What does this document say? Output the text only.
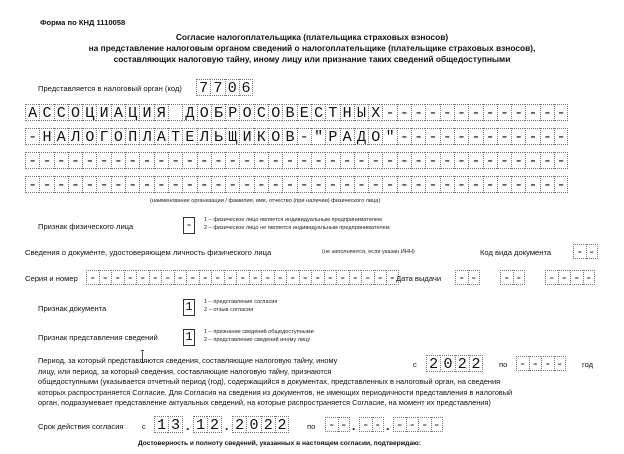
Форма по КНД 1110058
Согласие налогоплательщика (плательщика страховых взносов)
на представление налоговым органом сведений о налогоплательщике (плательщике страховых взносов),
составляющих налоговую тайну, иному лицу или признание таких сведений общедоступными
Представляется в налоговый орган (код) 7 7 0 6
А С С О Ц И А Ц И Я Д О Б Р О С О В Е С Т Н Ы Х - - - - - - - - - - - - -
- Н А Л О Г О П Л А Т Е Л Ь Щ И К О В - " Р А Д О " - - - - - - - - - - - -
- - - - - - - - - - - - - - - - - - - - - - - - - - - - - - - - - - - - - -
- - - - - - - - - - - - - - - - - - - - - - - - - - - - - - - - - - - - - -
(наименование организации / фамилия, имя, отчество (при наличии) физического лица)
Признак физического лица	-	1 – физическое лицо является индивидуальным предпринимателем
2 – физическое лицо не является индивидуальным предпринимателем
Сведения о документе, удостоверяющем личность физического лица	(не заполняются, если указан ИНН)	Код вида документа - -
Серия и номер - - - - - - - - - - - - - - - - - - - - - - - - - Дата выдачи - - - - - - - -
Признак документа	1	1 – представление согласия
2 – отзыв согласия
Признак представления сведений 1	1 – признание сведений общедоступными
2 – представление сведений иному лицу
Период, за который представляются сведения, составляющие налоговую тайну, иному
лицу, или период, за который сведения, составляющие налоговую тайну, признаются
общедоступными (указывается отчетный период (год), содержащийся в документах, представленных в налоговый орган, на сведения
которых распространяется Согласие. Для Согласия на сведения из документов, не имеющих периодичности представления в налоговый
орган, подразумевает представление актуальных сведений, на которые распространяется Согласие, на момент их представления)
с 2 0 2 2	по - - - -	год
Срок действия согласия с 1 3 . 1 2 . 2 0 2 2	по - - . - - . - - - -
Достоверность и полноту сведений, указанных в настоящем согласии, подтверждаю:
